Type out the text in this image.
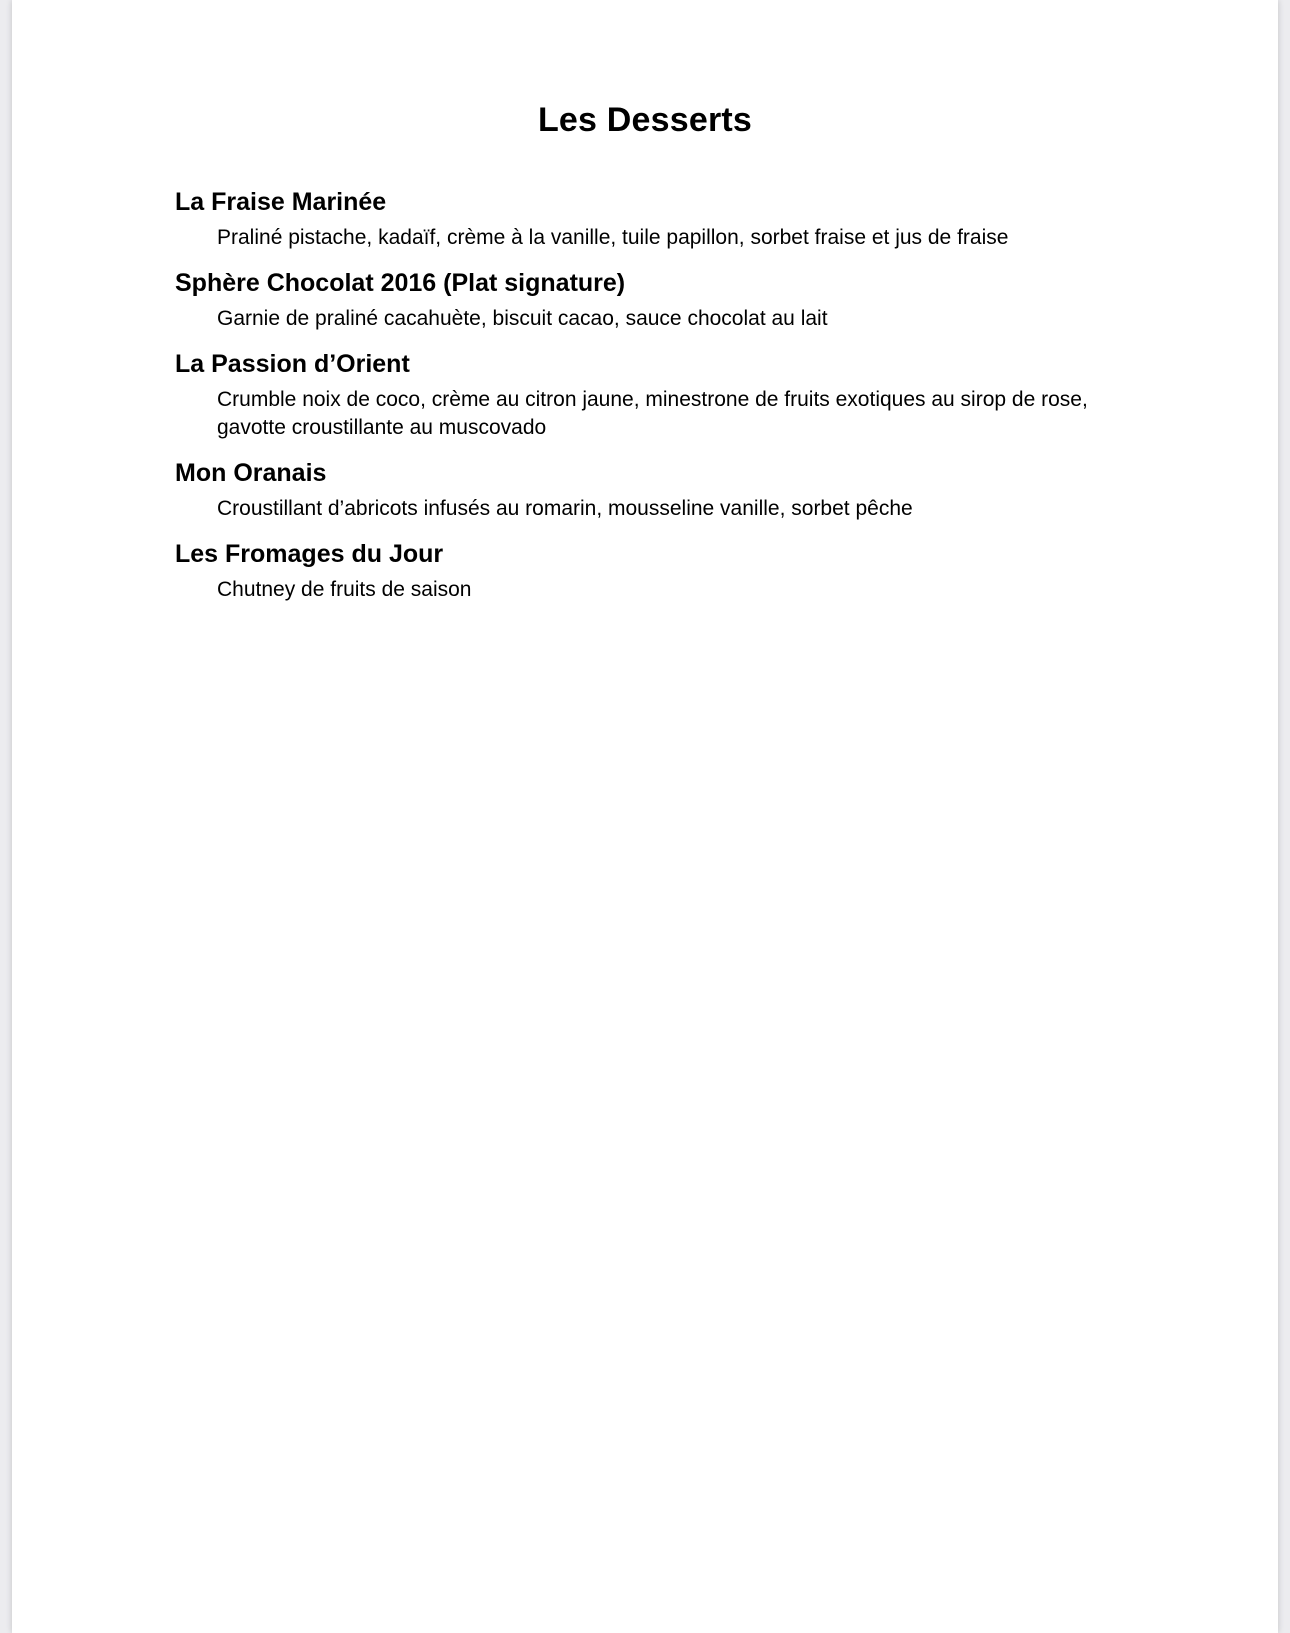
Les Desserts

La Fraise Marinée

Praliné pistache, kadaïf, crème à la vanille, tuile papillon, sorbet fraise et jus de fraise

Sphère Chocolat 2016 (Plat signature)

Garnie de praliné cacahuète, biscuit cacao, sauce chocolat au lait

La Passion d’Orient

Crumble noix de coco, crème au citron jaune, minestrone de fruits exotiques au sirop de rose, gavotte croustillante au muscovado

Mon Oranais

Croustillant d’abricots infusés au romarin, mousseline vanille, sorbet pêche

Les Fromages du Jour

Chutney de fruits de saison
